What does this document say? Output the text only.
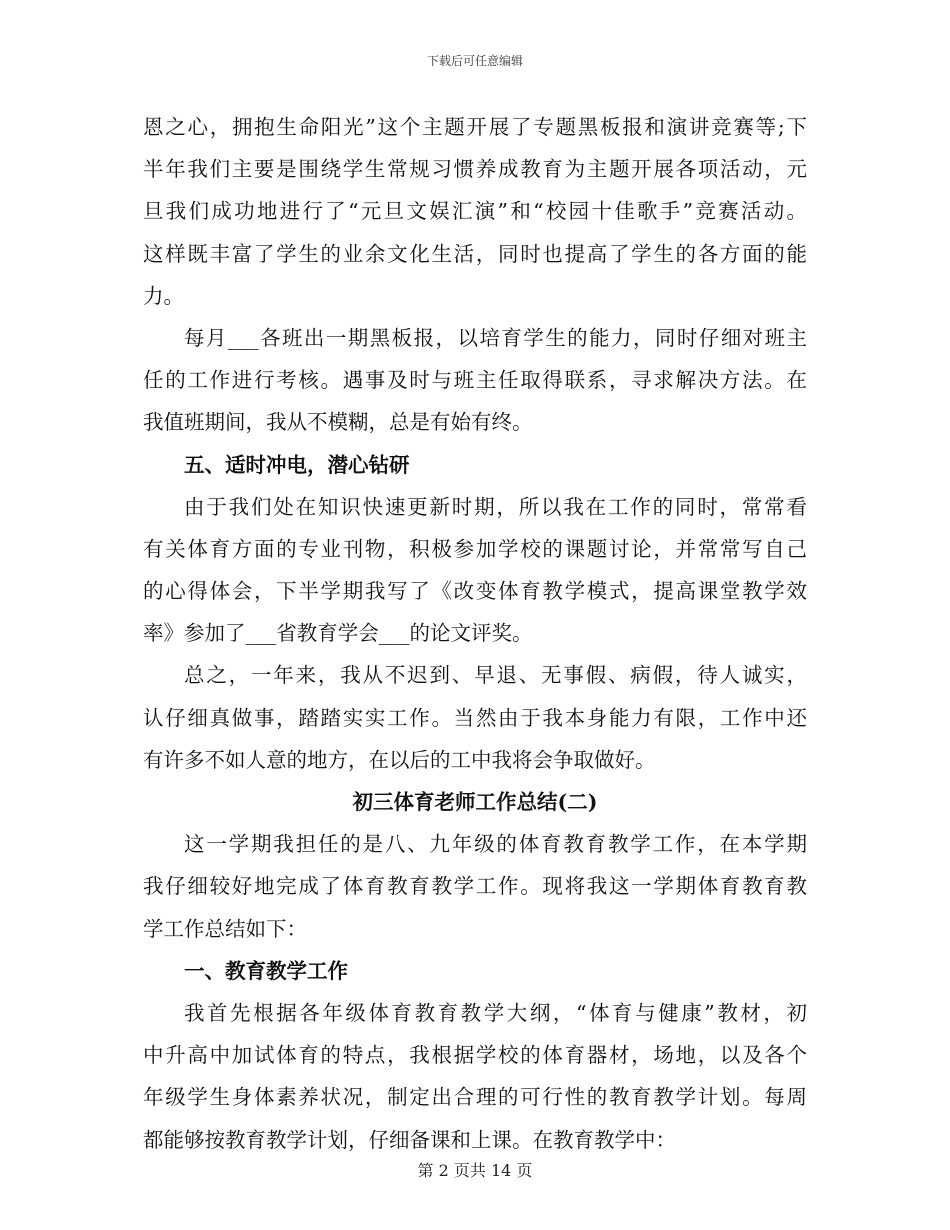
下载后可任意编辑
恩之心，拥抱生命阳光”这个主题开展了专题黑板报和演讲竞赛等;下
半年我们主要是围绕学生常规习惯养成教育为主题开展各项活动，元
旦我们成功地进行了“元旦文娱汇演”和“校园十佳歌手”竞赛活动。
这样既丰富了学生的业余文化生活，同时也提高了学生的各方面的能
力。
每月___各班出一期黑板报，以培育学生的能力，同时仔细对班主
任的工作进行考核。遇事及时与班主任取得联系，寻求解决方法。在
我值班期间，我从不模糊，总是有始有终。
五、适时冲电，潜心钻研
由于我们处在知识快速更新时期，所以我在工作的同时，常常看
有关体育方面的专业刊物，积极参加学校的课题讨论，并常常写自己
的心得体会，下半学期我写了《改变体育教学模式，提高课堂教学效
率》参加了___省教育学会___的论文评奖。
总之，一年来，我从不迟到、早退、无事假、病假，待人诚实，
认仔细真做事，踏踏实实工作。当然由于我本身能力有限，工作中还
有许多不如人意的地方，在以后的工中我将会争取做好。
初三体育老师工作总结(二)
这一学期我担任的是八、九年级的体育教育教学工作，在本学期
我仔细较好地完成了体育教育教学工作。现将我这一学期体育教育教
学工作总结如下：
一、教育教学工作
我首先根据各年级体育教育教学大纲，“体育与健康”教材，初
中升高中加试体育的特点，我根据学校的体育器材，场地，以及各个
年级学生身体素养状况，制定出合理的可行性的教育教学计划。每周
都能够按教育教学计划，仔细备课和上课。在教育教学中：
第 2 页共 14 页
